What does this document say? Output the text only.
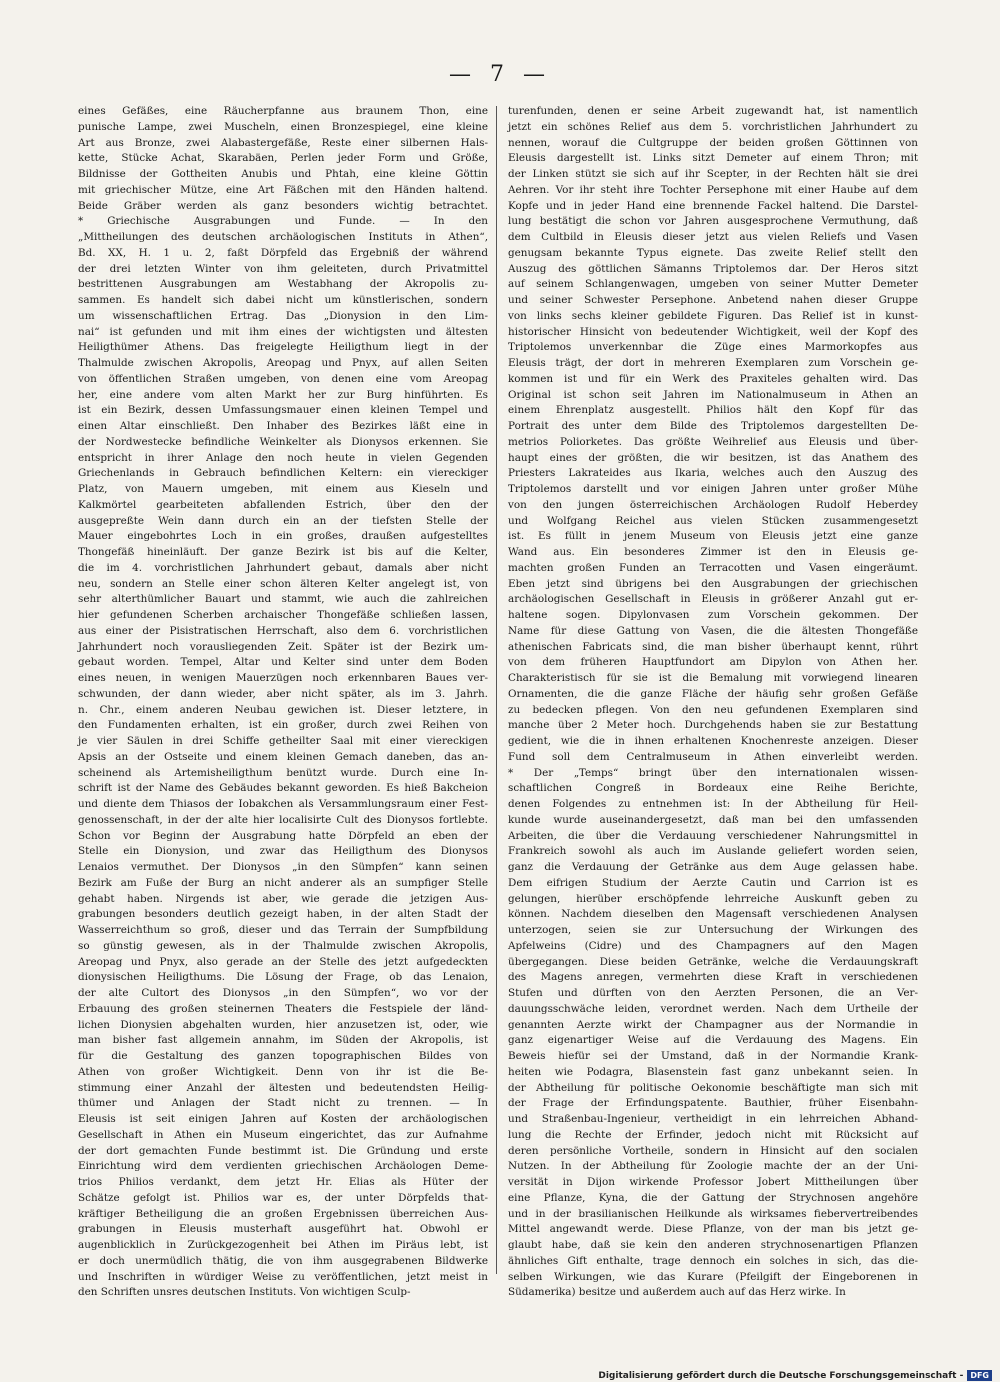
— 7 —
eines Gefäßes, eine Räucherpfanne aus braunem Thon, eine
punische Lampe, zwei Muscheln, einen Bronzespiegel, eine kleine
Art aus Bronze, zwei Alabastergefäße, Reste einer silbernen Hals-
kette, Stücke Achat, Skarabäen, Perlen jeder Form und Größe,
Bildnisse der Gottheiten Anubis und Phtah, eine kleine Göttin
mit griechischer Mütze, eine Art Fäßchen mit den Händen haltend.
Beide Gräber werden als ganz besonders wichtig betrachtet.
* Griechische Ausgrabungen und Funde. — In den
„Mittheilungen des deutschen archäologischen Instituts in Athen“,
Bd. XX, H. 1 u. 2, faßt Dörpfeld das Ergebniß der während
der drei letzten Winter von ihm geleiteten, durch Privatmittel
bestrittenen Ausgrabungen am Westabhang der Akropolis zu-
sammen. Es handelt sich dabei nicht um künstlerischen, sondern
um wissenschaftlichen Ertrag. Das „Dionysion in den Lim-
nai“ ist gefunden und mit ihm eines der wichtigsten und ältesten
Heiligthümer Athens. Das freigelegte Heiligthum liegt in der
Thalmulde zwischen Akropolis, Areopag und Pnyx, auf allen Seiten
von öffentlichen Straßen umgeben, von denen eine vom Areopag
her, eine andere vom alten Markt her zur Burg hinführten. Es
ist ein Bezirk, dessen Umfassungsmauer einen kleinen Tempel und
einen Altar einschließt. Den Inhaber des Bezirkes läßt eine in
der Nordwestecke befindliche Weinkelter als Dionysos erkennen. Sie
entspricht in ihrer Anlage den noch heute in vielen Gegenden
Griechenlands in Gebrauch befindlichen Keltern: ein viereckiger
Platz, von Mauern umgeben, mit einem aus Kieseln und
Kalkmörtel gearbeiteten abfallenden Estrich, über den der
ausgepreßte Wein dann durch ein an der tiefsten Stelle der
Mauer eingebohrtes Loch in ein großes, draußen aufgestelltes
Thongefäß hineinläuft. Der ganze Bezirk ist bis auf die Kelter,
die im 4. vorchristlichen Jahrhundert gebaut, damals aber nicht
neu, sondern an Stelle einer schon älteren Kelter angelegt ist, von
sehr alterthümlicher Bauart und stammt, wie auch die zahlreichen
hier gefundenen Scherben archaischer Thongefäße schließen lassen,
aus einer der Pisistratischen Herrschaft, also dem 6. vorchristlichen
Jahrhundert noch vorausliegenden Zeit. Später ist der Bezirk um-
gebaut worden. Tempel, Altar und Kelter sind unter dem Boden
eines neuen, in wenigen Mauerzügen noch erkennbaren Baues ver-
schwunden, der dann wieder, aber nicht später, als im 3. Jahrh.
n. Chr., einem anderen Neubau gewichen ist. Dieser letztere, in
den Fundamenten erhalten, ist ein großer, durch zwei Reihen von
je vier Säulen in drei Schiffe getheilter Saal mit einer viereckigen
Apsis an der Ostseite und einem kleinen Gemach daneben, das an-
scheinend als Artemisheiligthum benützt wurde. Durch eine In-
schrift ist der Name des Gebäudes bekannt geworden. Es hieß Bakcheion
und diente dem Thiasos der Iobakchen als Versammlungsraum einer Fest-
genossenschaft, in der der alte hier localisirte Cult des Dionysos fortlebte.
Schon vor Beginn der Ausgrabung hatte Dörpfeld an eben der
Stelle ein Dionysion, und zwar das Heiligthum des Dionysos
Lenaios vermuthet. Der Dionysos „in den Sümpfen“ kann seinen
Bezirk am Fuße der Burg an nicht anderer als an sumpfiger Stelle
gehabt haben. Nirgends ist aber, wie gerade die jetzigen Aus-
grabungen besonders deutlich gezeigt haben, in der alten Stadt der
Wasserreichthum so groß, dieser und das Terrain der Sumpfbildung
so günstig gewesen, als in der Thalmulde zwischen Akropolis,
Areopag und Pnyx, also gerade an der Stelle des jetzt aufgedeckten
dionysischen Heiligthums. Die Lösung der Frage, ob das Lenaion,
der alte Cultort des Dionysos „in den Sümpfen“, wo vor der
Erbauung des großen steinernen Theaters die Festspiele der länd-
lichen Dionysien abgehalten wurden, hier anzusetzen ist, oder, wie
man bisher fast allgemein annahm, im Süden der Akropolis, ist
für die Gestaltung des ganzen topographischen Bildes von
Athen von großer Wichtigkeit. Denn von ihr ist die Be-
stimmung einer Anzahl der ältesten und bedeutendsten Heilig-
thümer und Anlagen der Stadt nicht zu trennen. — In
Eleusis ist seit einigen Jahren auf Kosten der archäologischen
Gesellschaft in Athen ein Museum eingerichtet, das zur Aufnahme
der dort gemachten Funde bestimmt ist. Die Gründung und erste
Einrichtung wird dem verdienten griechischen Archäologen Deme-
trios Philios verdankt, dem jetzt Hr. Elias als Hüter der
Schätze gefolgt ist. Philios war es, der unter Dörpfelds that-
kräftiger Betheiligung die an großen Ergebnissen überreichen Aus-
grabungen in Eleusis musterhaft ausgeführt hat. Obwohl er
augenblicklich in Zurückgezogenheit bei Athen im Piräus lebt, ist
er doch unermüdlich thätig, die von ihm ausgegrabenen Bildwerke
und Inschriften in würdiger Weise zu veröffentlichen, jetzt meist in
den Schriften unsres deutschen Instituts. Von wichtigen Sculp-
turenfunden, denen er seine Arbeit zugewandt hat, ist namentlich
jetzt ein schönes Relief aus dem 5. vorchristlichen Jahrhundert zu
nennen, worauf die Cultgruppe der beiden großen Göttinnen von
Eleusis dargestellt ist. Links sitzt Demeter auf einem Thron; mit
der Linken stützt sie sich auf ihr Scepter, in der Rechten hält sie drei
Aehren. Vor ihr steht ihre Tochter Persephone mit einer Haube auf dem
Kopfe und in jeder Hand eine brennende Fackel haltend. Die Darstel-
lung bestätigt die schon vor Jahren ausgesprochene Vermuthung, daß
dem Cultbild in Eleusis dieser jetzt aus vielen Reliefs und Vasen
genugsam bekannte Typus eignete. Das zweite Relief stellt den
Auszug des göttlichen Sämanns Triptolemos dar. Der Heros sitzt
auf seinem Schlangenwagen, umgeben von seiner Mutter Demeter
und seiner Schwester Persephone. Anbetend nahen dieser Gruppe
von links sechs kleiner gebildete Figuren. Das Relief ist in kunst-
historischer Hinsicht von bedeutender Wichtigkeit, weil der Kopf des
Triptolemos unverkennbar die Züge eines Marmorkopfes aus
Eleusis trägt, der dort in mehreren Exemplaren zum Vorschein ge-
kommen ist und für ein Werk des Praxiteles gehalten wird. Das
Original ist schon seit Jahren im Nationalmuseum in Athen an
einem Ehrenplatz ausgestellt. Philios hält den Kopf für das
Portrait des unter dem Bilde des Triptolemos dargestellten De-
metrios Poliorketes. Das größte Weihrelief aus Eleusis und über-
haupt eines der größten, die wir besitzen, ist das Anathem des
Priesters Lakrateides aus Ikaria, welches auch den Auszug des
Triptolemos darstellt und vor einigen Jahren unter großer Mühe
von den jungen österreichischen Archäologen Rudolf Heberdey
und Wolfgang Reichel aus vielen Stücken zusammengesetzt
ist. Es füllt in jenem Museum von Eleusis jetzt eine ganze
Wand aus. Ein besonderes Zimmer ist den in Eleusis ge-
machten großen Funden an Terracotten und Vasen eingeräumt.
Eben jetzt sind übrigens bei den Ausgrabungen der griechischen
archäologischen Gesellschaft in Eleusis in größerer Anzahl gut er-
haltene sogen. Dipylonvasen zum Vorschein gekommen. Der
Name für diese Gattung von Vasen, die die ältesten Thongefäße
athenischen Fabricats sind, die man bisher überhaupt kennt, rührt
von dem früheren Hauptfundort am Dipylon von Athen her.
Charakteristisch für sie ist die Bemalung mit vorwiegend linearen
Ornamenten, die die ganze Fläche der häufig sehr großen Gefäße
zu bedecken pflegen. Von den neu gefundenen Exemplaren sind
manche über 2 Meter hoch. Durchgehends haben sie zur Bestattung
gedient, wie die in ihnen erhaltenen Knochenreste anzeigen. Dieser
Fund soll dem Centralmuseum in Athen einverleibt werden.
* Der „Temps“ bringt über den internationalen wissen-
schaftlichen Congreß in Bordeaux eine Reihe Berichte,
denen Folgendes zu entnehmen ist: In der Abtheilung für Heil-
kunde wurde auseinandergesetzt, daß man bei den umfassenden
Arbeiten, die über die Verdauung verschiedener Nahrungsmittel in
Frankreich sowohl als auch im Auslande geliefert worden seien,
ganz die Verdauung der Getränke aus dem Auge gelassen habe.
Dem eifrigen Studium der Aerzte Cautin und Carrion ist es
gelungen, hierüber erschöpfende lehrreiche Auskunft geben zu
können. Nachdem dieselben den Magensaft verschiedenen Analysen
unterzogen, seien sie zur Untersuchung der Wirkungen des
Apfelweins (Cidre) und des Champagners auf den Magen
übergegangen. Diese beiden Getränke, welche die Verdauungskraft
des Magens anregen, vermehrten diese Kraft in verschiedenen
Stufen und dürften von den Aerzten Personen, die an Ver-
dauungsschwäche leiden, verordnet werden. Nach dem Urtheile der
genannten Aerzte wirkt der Champagner aus der Normandie in
ganz eigenartiger Weise auf die Verdauung des Magens. Ein
Beweis hiefür sei der Umstand, daß in der Normandie Krank-
heiten wie Podagra, Blasenstein fast ganz unbekannt seien. In
der Abtheilung für politische Oekonomie beschäftigte man sich mit
der Frage der Erfindungspatente. Bauthier, früher Eisenbahn-
und Straßenbau-Ingenieur, vertheidigt in ein lehrreichen Abhand-
lung die Rechte der Erfinder, jedoch nicht mit Rücksicht auf
deren persönliche Vortheile, sondern in Hinsicht auf den socialen
Nutzen. In der Abtheilung für Zoologie machte der an der Uni-
versität in Dijon wirkende Professor Jobert Mittheilungen über
eine Pflanze, Kyna, die der Gattung der Strychnosen angehöre
und in der brasilianischen Heilkunde als wirksames fiebervertreibendes
Mittel angewandt werde. Diese Pflanze, von der man bis jetzt ge-
glaubt habe, daß sie kein den anderen strychnosenartigen Pflanzen
ähnliches Gift enthalte, trage dennoch ein solches in sich, das die-
selben Wirkungen, wie das Kurare (Pfeilgift der Eingeborenen in
Südamerika) besitze und außerdem auch auf das Herz wirke. In
Digitalisierung gefördert durch die Deutsche Forschungsgemeinschaft - DFG
